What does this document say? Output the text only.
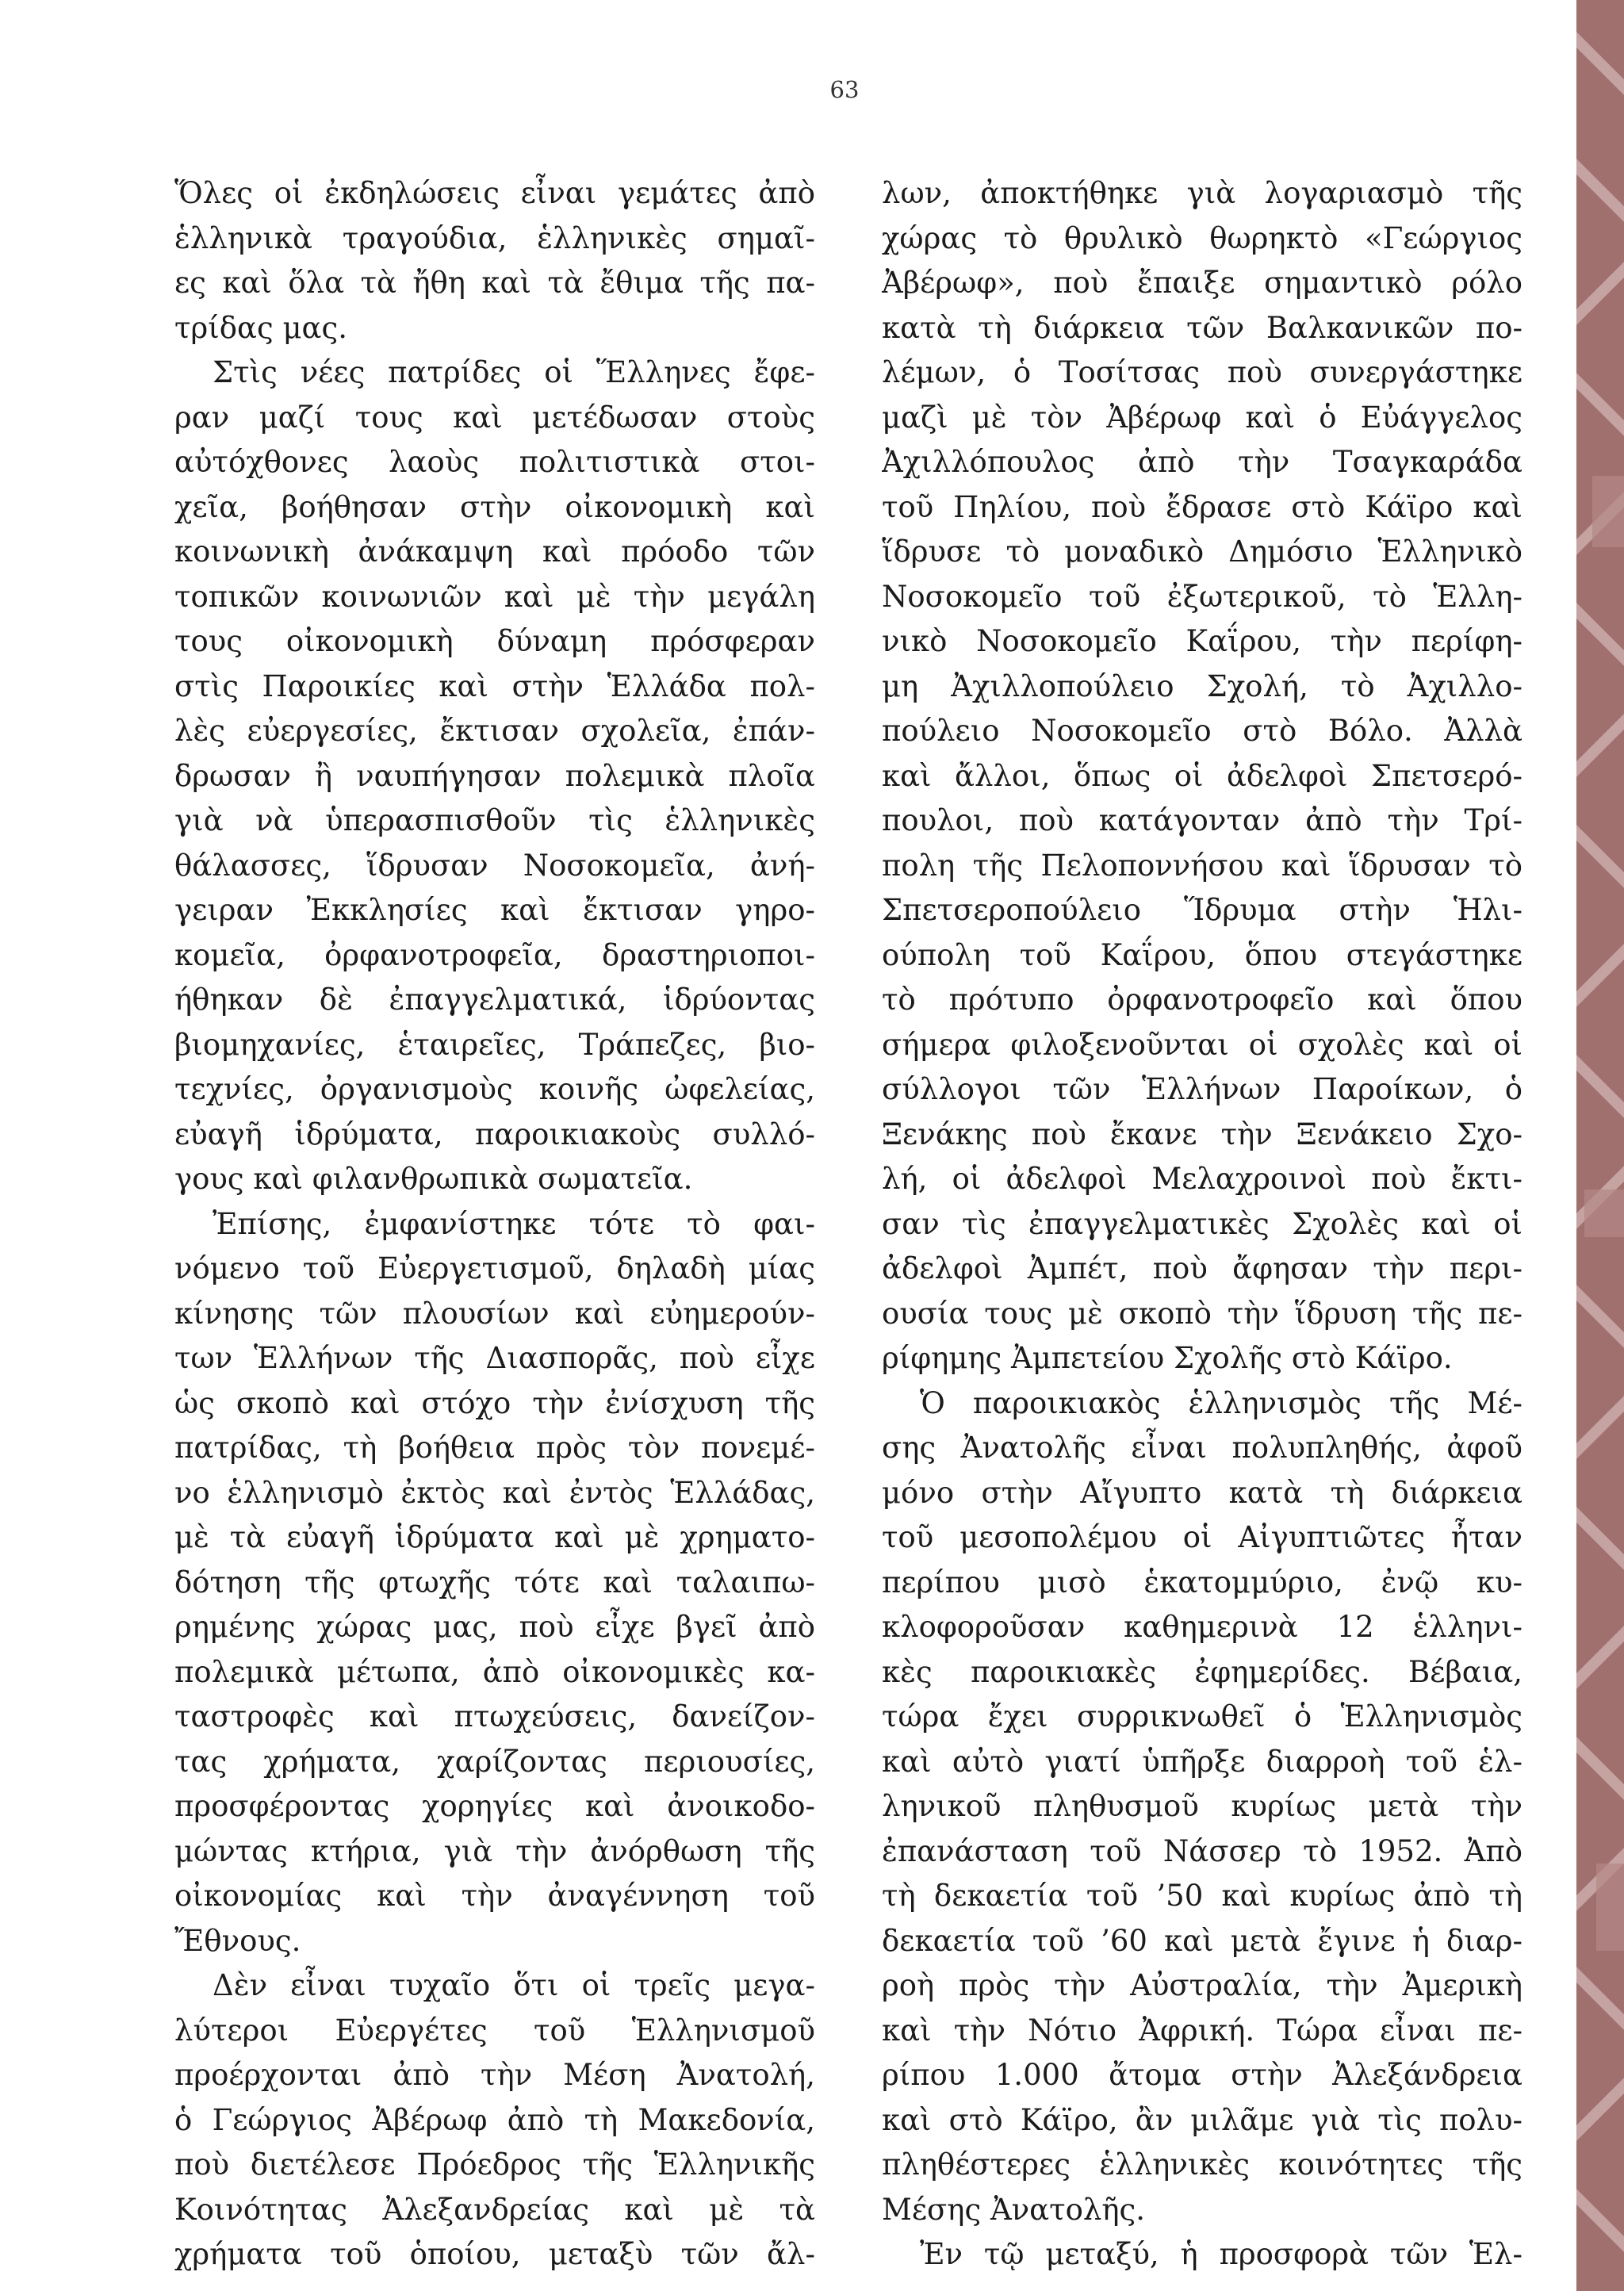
63
Ὅλες οἱ ἐκδηλώσεις εἶναι γεμάτες ἀπὸ
ἑλληνικὰ τραγούδια, ἑλληνικὲς σημαῖ-
ες καὶ ὅλα τὰ ἤθη καὶ τὰ ἔθιμα τῆς πα-
τρίδας μας.
Στὶς νέες πατρίδες οἱ Ἕλληνες ἔφε-
ραν μαζί τους καὶ μετέδωσαν στοὺς
αὐτόχθονες λαοὺς πολιτιστικὰ στοι-
χεῖα, βοήθησαν στὴν οἰκονομικὴ καὶ
κοινωνικὴ ἀνάκαμψη καὶ πρόοδο τῶν
τοπικῶν κοινωνιῶν καὶ μὲ τὴν μεγάλη
τους οἰκονομικὴ δύναμη πρόσφεραν
στὶς Παροικίες καὶ στὴν Ἑλλάδα πολ-
λὲς εὐεργεσίες, ἔκτισαν σχολεῖα, ἐπάν-
δρωσαν ἢ ναυπήγησαν πολεμικὰ πλοῖα
γιὰ νὰ ὑπερασπισθοῦν τὶς ἑλληνικὲς
θάλασσες, ἵδρυσαν Νοσοκομεῖα, ἀνή-
γειραν Ἐκκλησίες καὶ ἔκτισαν γηρο-
κομεῖα, ὀρφανοτροφεῖα, δραστηριοποι-
ήθηκαν δὲ ἐπαγγελματικά, ἱδρύοντας
βιομηχανίες, ἑταιρεῖες, Τράπεζες, βιο-
τεχνίες, ὀργανισμοὺς κοινῆς ὠφελείας,
εὐαγῆ ἱδρύματα, παροικιακοὺς συλλό-
γους καὶ φιλανθρωπικὰ σωματεῖα.
Ἐπίσης, ἐμφανίστηκε τότε τὸ φαι-
νόμενο τοῦ Εὐεργετισμοῦ, δηλαδὴ μίας
κίνησης τῶν πλουσίων καὶ εὐημερούν-
των Ἑλλήνων τῆς Διασπορᾶς, ποὺ εἶχε
ὡς σκοπὸ καὶ στόχο τὴν ἐνίσχυση τῆς
πατρίδας, τὴ βοήθεια πρὸς τὸν πονεμέ-
νο ἑλληνισμὸ ἐκτὸς καὶ ἐντὸς Ἑλλάδας,
μὲ τὰ εὐαγῆ ἱδρύματα καὶ μὲ χρηματο-
δότηση τῆς φτωχῆς τότε καὶ ταλαιπω-
ρημένης χώρας μας, ποὺ εἶχε βγεῖ ἀπὸ
πολεμικὰ μέτωπα, ἀπὸ οἰκονομικὲς κα-
ταστροφὲς καὶ πτωχεύσεις, δανείζον-
τας χρήματα, χαρίζοντας περιουσίες,
προσφέροντας χορηγίες καὶ ἀνοικοδο-
μώντας κτήρια, γιὰ τὴν ἀνόρθωση τῆς
οἰκονομίας καὶ τὴν ἀναγέννηση τοῦ
Ἔθνους.
Δὲν εἶναι τυχαῖο ὅτι οἱ τρεῖς μεγα-
λύτεροι Εὐεργέτες τοῦ Ἑλληνισμοῦ
προέρχονται ἀπὸ τὴν Μέση Ἀνατολή,
ὁ Γεώργιος Ἀβέρωφ ἀπὸ τὴ Μακεδονία,
ποὺ διετέλεσε Πρόεδρος τῆς Ἑλληνικῆς
Κοινότητας Ἀλεξανδρείας καὶ μὲ τὰ
χρήματα τοῦ ὁποίου, μεταξὺ τῶν ἄλ-
λων, ἀποκτήθηκε γιὰ λογαριασμὸ τῆς
χώρας τὸ θρυλικὸ θωρηκτὸ «Γεώργιος
Ἀβέρωφ», ποὺ ἔπαιξε σημαντικὸ ρόλο
κατὰ τὴ διάρκεια τῶν Βαλκανικῶν πο-
λέμων, ὁ Τοσίτσας ποὺ συνεργάστηκε
μαζὶ μὲ τὸν Ἀβέρωφ καὶ ὁ Εὐάγγελος
Ἀχιλλόπουλος ἀπὸ τὴν Τσαγκαράδα
τοῦ Πηλίου, ποὺ ἔδρασε στὸ Κάϊρο καὶ
ἵδρυσε τὸ μοναδικὸ Δημόσιο Ἑλληνικὸ
Νοσοκομεῖο τοῦ ἐξωτερικοῦ, τὸ Ἑλλη-
νικὸ Νοσοκομεῖο Καΐρου, τὴν περίφη-
μη Ἀχιλλοπούλειο Σχολή, τὸ Ἀχιλλο-
πούλειο Νοσοκομεῖο στὸ Βόλο. Ἀλλὰ
καὶ ἄλλοι, ὅπως οἱ ἀδελφοὶ Σπετσερό-
πουλοι, ποὺ κατάγονταν ἀπὸ τὴν Τρί-
πολη τῆς Πελοποννήσου καὶ ἵδρυσαν τὸ
Σπετσεροπούλειο Ἵδρυμα στὴν Ἡλι-
ούπολη τοῦ Καΐρου, ὅπου στεγάστηκε
τὸ πρότυπο ὀρφανοτροφεῖο καὶ ὅπου
σήμερα φιλοξενοῦνται οἱ σχολὲς καὶ οἱ
σύλλογοι τῶν Ἑλλήνων Παροίκων, ὁ
Ξενάκης ποὺ ἔκανε τὴν Ξενάκειο Σχο-
λή, οἱ ἀδελφοὶ Μελαχροινοὶ ποὺ ἔκτι-
σαν τὶς ἐπαγγελματικὲς Σχολὲς καὶ οἱ
ἀδελφοὶ Ἀμπέτ, ποὺ ἄφησαν τὴν περι-
ουσία τους μὲ σκοπὸ τὴν ἵδρυση τῆς πε-
ρίφημης Ἀμπετείου Σχολῆς στὸ Κάϊρο.
Ὁ παροικιακὸς ἑλληνισμὸς τῆς Μέ-
σης Ἀνατολῆς εἶναι πολυπληθής, ἀφοῦ
μόνο στὴν Αἴγυπτο κατὰ τὴ διάρκεια
τοῦ μεσοπολέμου οἱ Αἰγυπτιῶτες ἦταν
περίπου μισὸ ἑκατομμύριο, ἐνῷ κυ-
κλοφοροῦσαν καθημερινὰ 12 ἑλληνι-
κὲς παροικιακὲς ἐφημερίδες. Βέβαια,
τώρα ἔχει συρρικνωθεῖ ὁ Ἑλληνισμὸς
καὶ αὐτὸ γιατί ὑπῆρξε διαρροὴ τοῦ ἑλ-
ληνικοῦ πληθυσμοῦ κυρίως μετὰ τὴν
ἐπανάσταση τοῦ Νάσσερ τὸ 1952. Ἀπὸ
τὴ δεκαετία τοῦ ’50 καὶ κυρίως ἀπὸ τὴ
δεκαετία τοῦ ’60 καὶ μετὰ ἔγινε ἡ διαρ-
ροὴ πρὸς τὴν Αὐστραλία, τὴν Ἀμερικὴ
καὶ τὴν Νότιο Ἀφρική. Τώρα εἶναι πε-
ρίπου 1.000 ἄτομα στὴν Ἀλεξάνδρεια
καὶ στὸ Κάϊρο, ἂν μιλᾶμε γιὰ τὶς πολυ-
πληθέστερες ἑλληνικὲς κοινότητες τῆς
Μέσης Ἀνατολῆς.
Ἐν τῷ μεταξύ, ἡ προσφορὰ τῶν Ἑλ-
